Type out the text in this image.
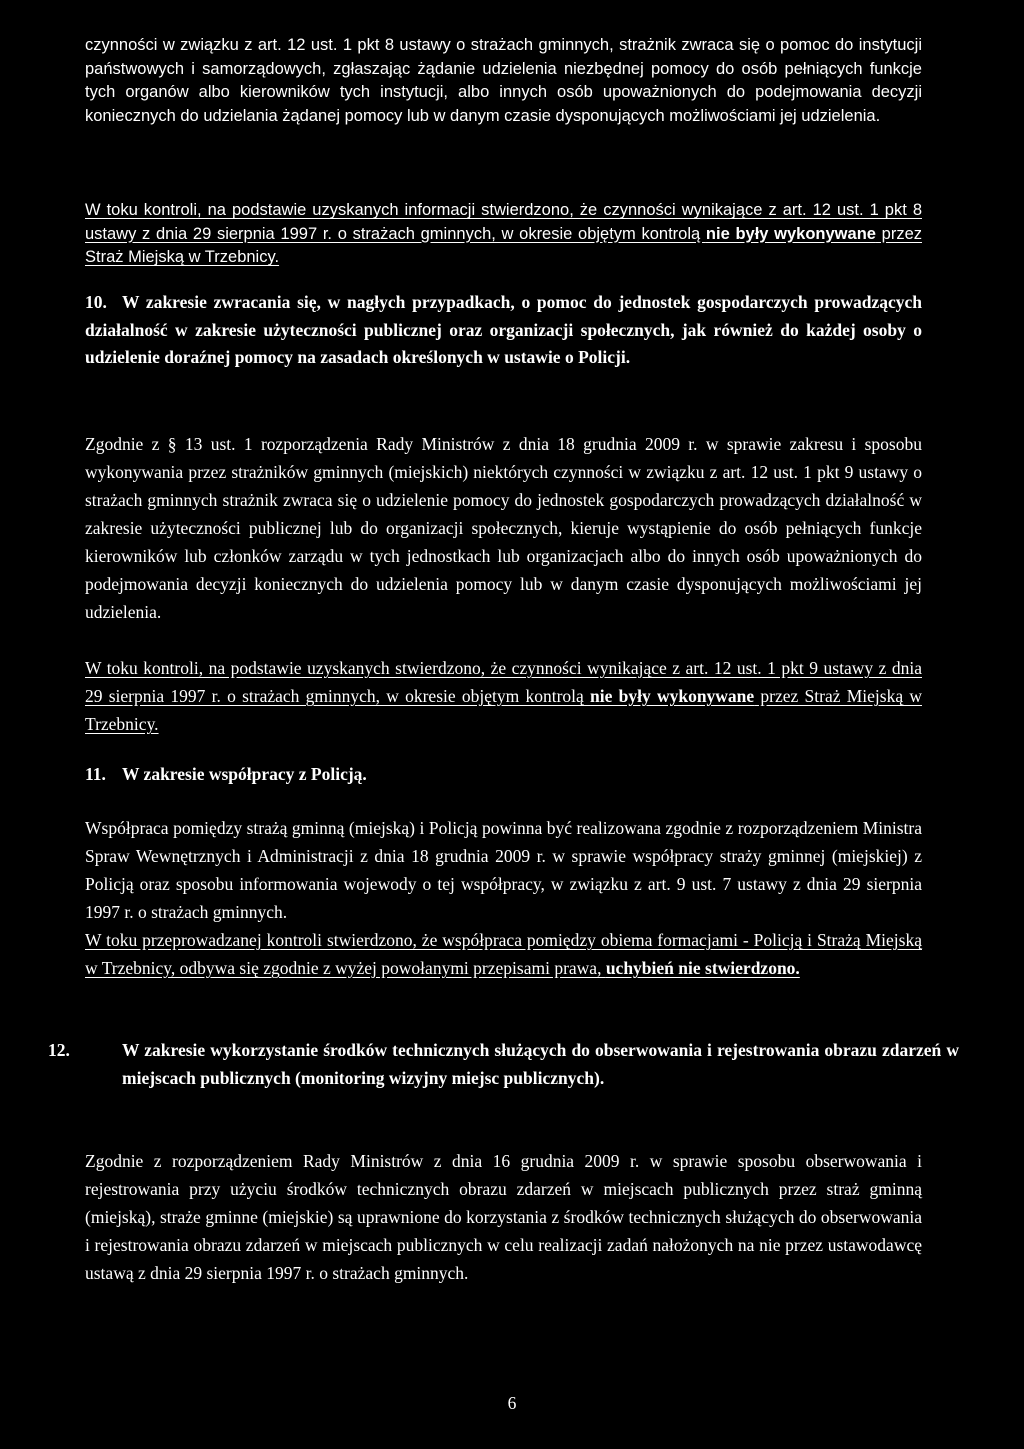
czynności w związku z art. 12 ust. 1 pkt 8 ustawy o strażach gminnych, strażnik zwraca się o pomoc do instytucji państwowych i samorządowych, zgłaszając żądanie udzielenia niezbędnej pomocy do osób pełniących funkcje tych organów albo kierowników tych instytucji, albo innych osób upoważnionych do podejmowania decyzji koniecznych do udzielania żądanej pomocy lub w danym czasie dysponujących możliwościami jej udzielenia.

W toku kontroli, na podstawie uzyskanych informacji stwierdzono, że czynności wynikające z art. 12 ust. 1 pkt 8 ustawy z dnia 29 sierpnia 1997 r. o strażach gminnych, w okresie objętym kontrolą nie były wykonywane przez Straż Miejską w Trzebnicy.

10. W zakresie zwracania się, w nagłych przypadkach, o pomoc do jednostek gospodarczych prowadzących działalność w zakresie użyteczności publicznej oraz organizacji społecznych, jak również do każdej osoby o udzielenie doraźnej pomocy na zasadach określonych w ustawie o Policji.

Zgodnie z § 13 ust. 1 rozporządzenia Rady Ministrów z dnia 18 grudnia 2009 r. w sprawie zakresu i sposobu wykonywania przez strażników gminnych (miejskich) niektórych czynności w związku z art. 12 ust. 1 pkt 9 ustawy o strażach gminnych strażnik zwraca się o udzielenie pomocy do jednostek gospodarczych prowadzących działalność w zakresie użyteczności publicznej lub do organizacji społecznych, kieruje wystąpienie do osób pełniących funkcje kierowników lub członków zarządu w tych jednostkach lub organizacjach albo do innych osób upoważnionych do podejmowania decyzji koniecznych do udzielenia pomocy lub w danym czasie dysponujących możliwościami jej udzielenia.

W toku kontroli, na podstawie uzyskanych stwierdzono, że czynności wynikające z art. 12 ust. 1 pkt 9 ustawy z dnia 29 sierpnia 1997 r. o strażach gminnych, w okresie objętym kontrolą nie były wykonywane przez Straż Miejską w Trzebnicy.

11. W zakresie współpracy z Policją.

Współpraca pomiędzy strażą gminną (miejską) i Policją powinna być realizowana zgodnie z rozporządzeniem Ministra Spraw Wewnętrznych i Administracji z dnia 18 grudnia 2009 r. w sprawie współpracy straży gminnej (miejskiej) z Policją oraz sposobu informowania wojewody o tej współpracy, w związku z art. 9 ust. 7 ustawy z dnia 29 sierpnia 1997 r. o strażach gminnych.

W toku przeprowadzanej kontroli stwierdzono, że współpraca pomiędzy obiema formacjami - Policją i Strażą Miejską w Trzebnicy, odbywa się zgodnie z wyżej powołanymi przepisami prawa, uchybień nie stwierdzono.

12.	W zakresie wykorzystanie środków technicznych służących do obserwowania i rejestrowania obrazu zdarzeń w miejscach publicznych (monitoring wizyjny miejsc publicznych).

Zgodnie z rozporządzeniem Rady Ministrów z dnia 16 grudnia 2009 r. w sprawie sposobu obserwowania i rejestrowania przy użyciu środków technicznych obrazu zdarzeń w miejscach publicznych przez straż gminną (miejską), straże gminne (miejskie) są uprawnione do korzystania z środków technicznych służących do obserwowania i rejestrowania obrazu zdarzeń w miejscach publicznych w celu realizacji zadań nałożonych na nie przez ustawodawcę ustawą z dnia 29 sierpnia 1997 r. o strażach gminnych.

6
